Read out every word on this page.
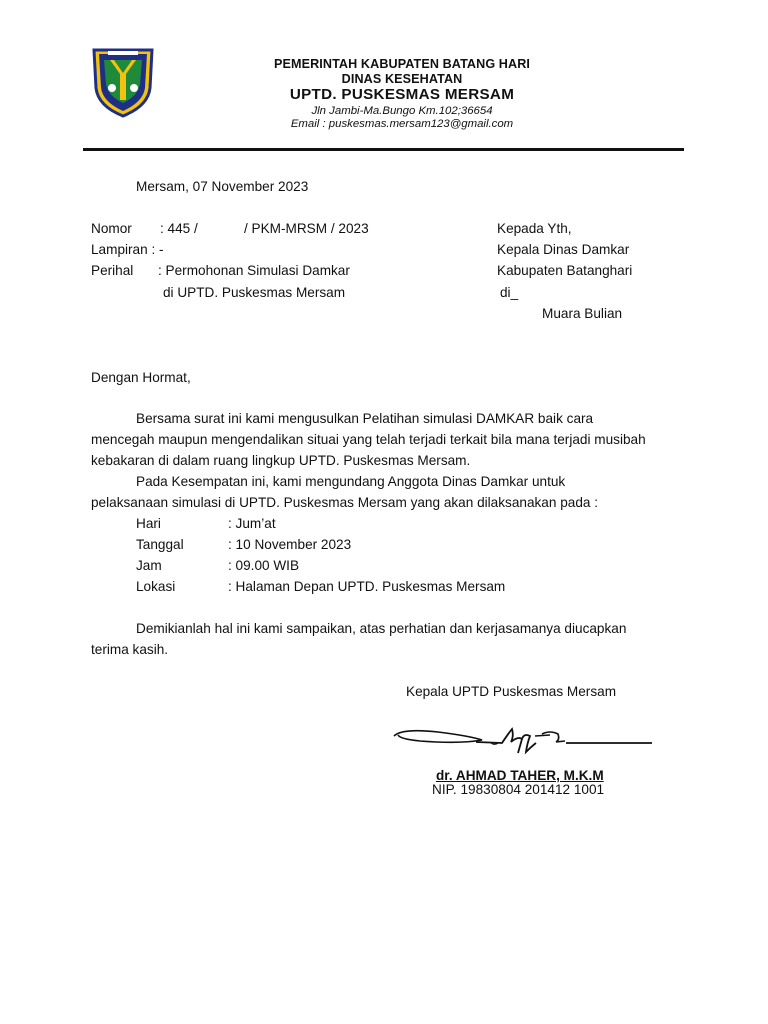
PEMERINTAH KABUPATEN BATANG HARI
DINAS KESEHATAN
UPTD. PUSKESMAS MERSAM
Jln Jambi-Ma.Bungo Km.102;36654
Email : puskesmas.mersam123@gmail.com
Mersam, 07 November 2023
Nomor : 445 /	/ PKM-MRSM / 2023
Lampiran : -
Perihal : Permohonan Simulasi Damkar
di UPTD. Puskesmas Mersam
Kepada Yth,
Kepala Dinas Damkar
Kabupaten Batanghari
di_
Muara Bulian
Dengan Hormat,
Bersama surat ini kami mengusulkan Pelatihan simulasi DAMKAR baik cara
mencegah maupun mengendalikan situai yang telah terjadi terkait bila mana terjadi musibah
kebakaran di dalam ruang lingkup UPTD. Puskesmas Mersam.
Pada Kesempatan ini, kami mengundang Anggota Dinas Damkar untuk
pelaksanaan simulasi di UPTD. Puskesmas Mersam yang akan dilaksanakan pada :
Hari	: Jum’at
Tanggal	: 10 November 2023
Jam	: 09.00 WIB
Lokasi	: Halaman Depan UPTD. Puskesmas Mersam
Demikianlah hal ini kami sampaikan, atas perhatian dan kerjasamanya diucapkan
terima kasih.
Kepala UPTD Puskesmas Mersam
dr. AHMAD TAHER, M.K.M
NIP. 19830804 201412 1001
